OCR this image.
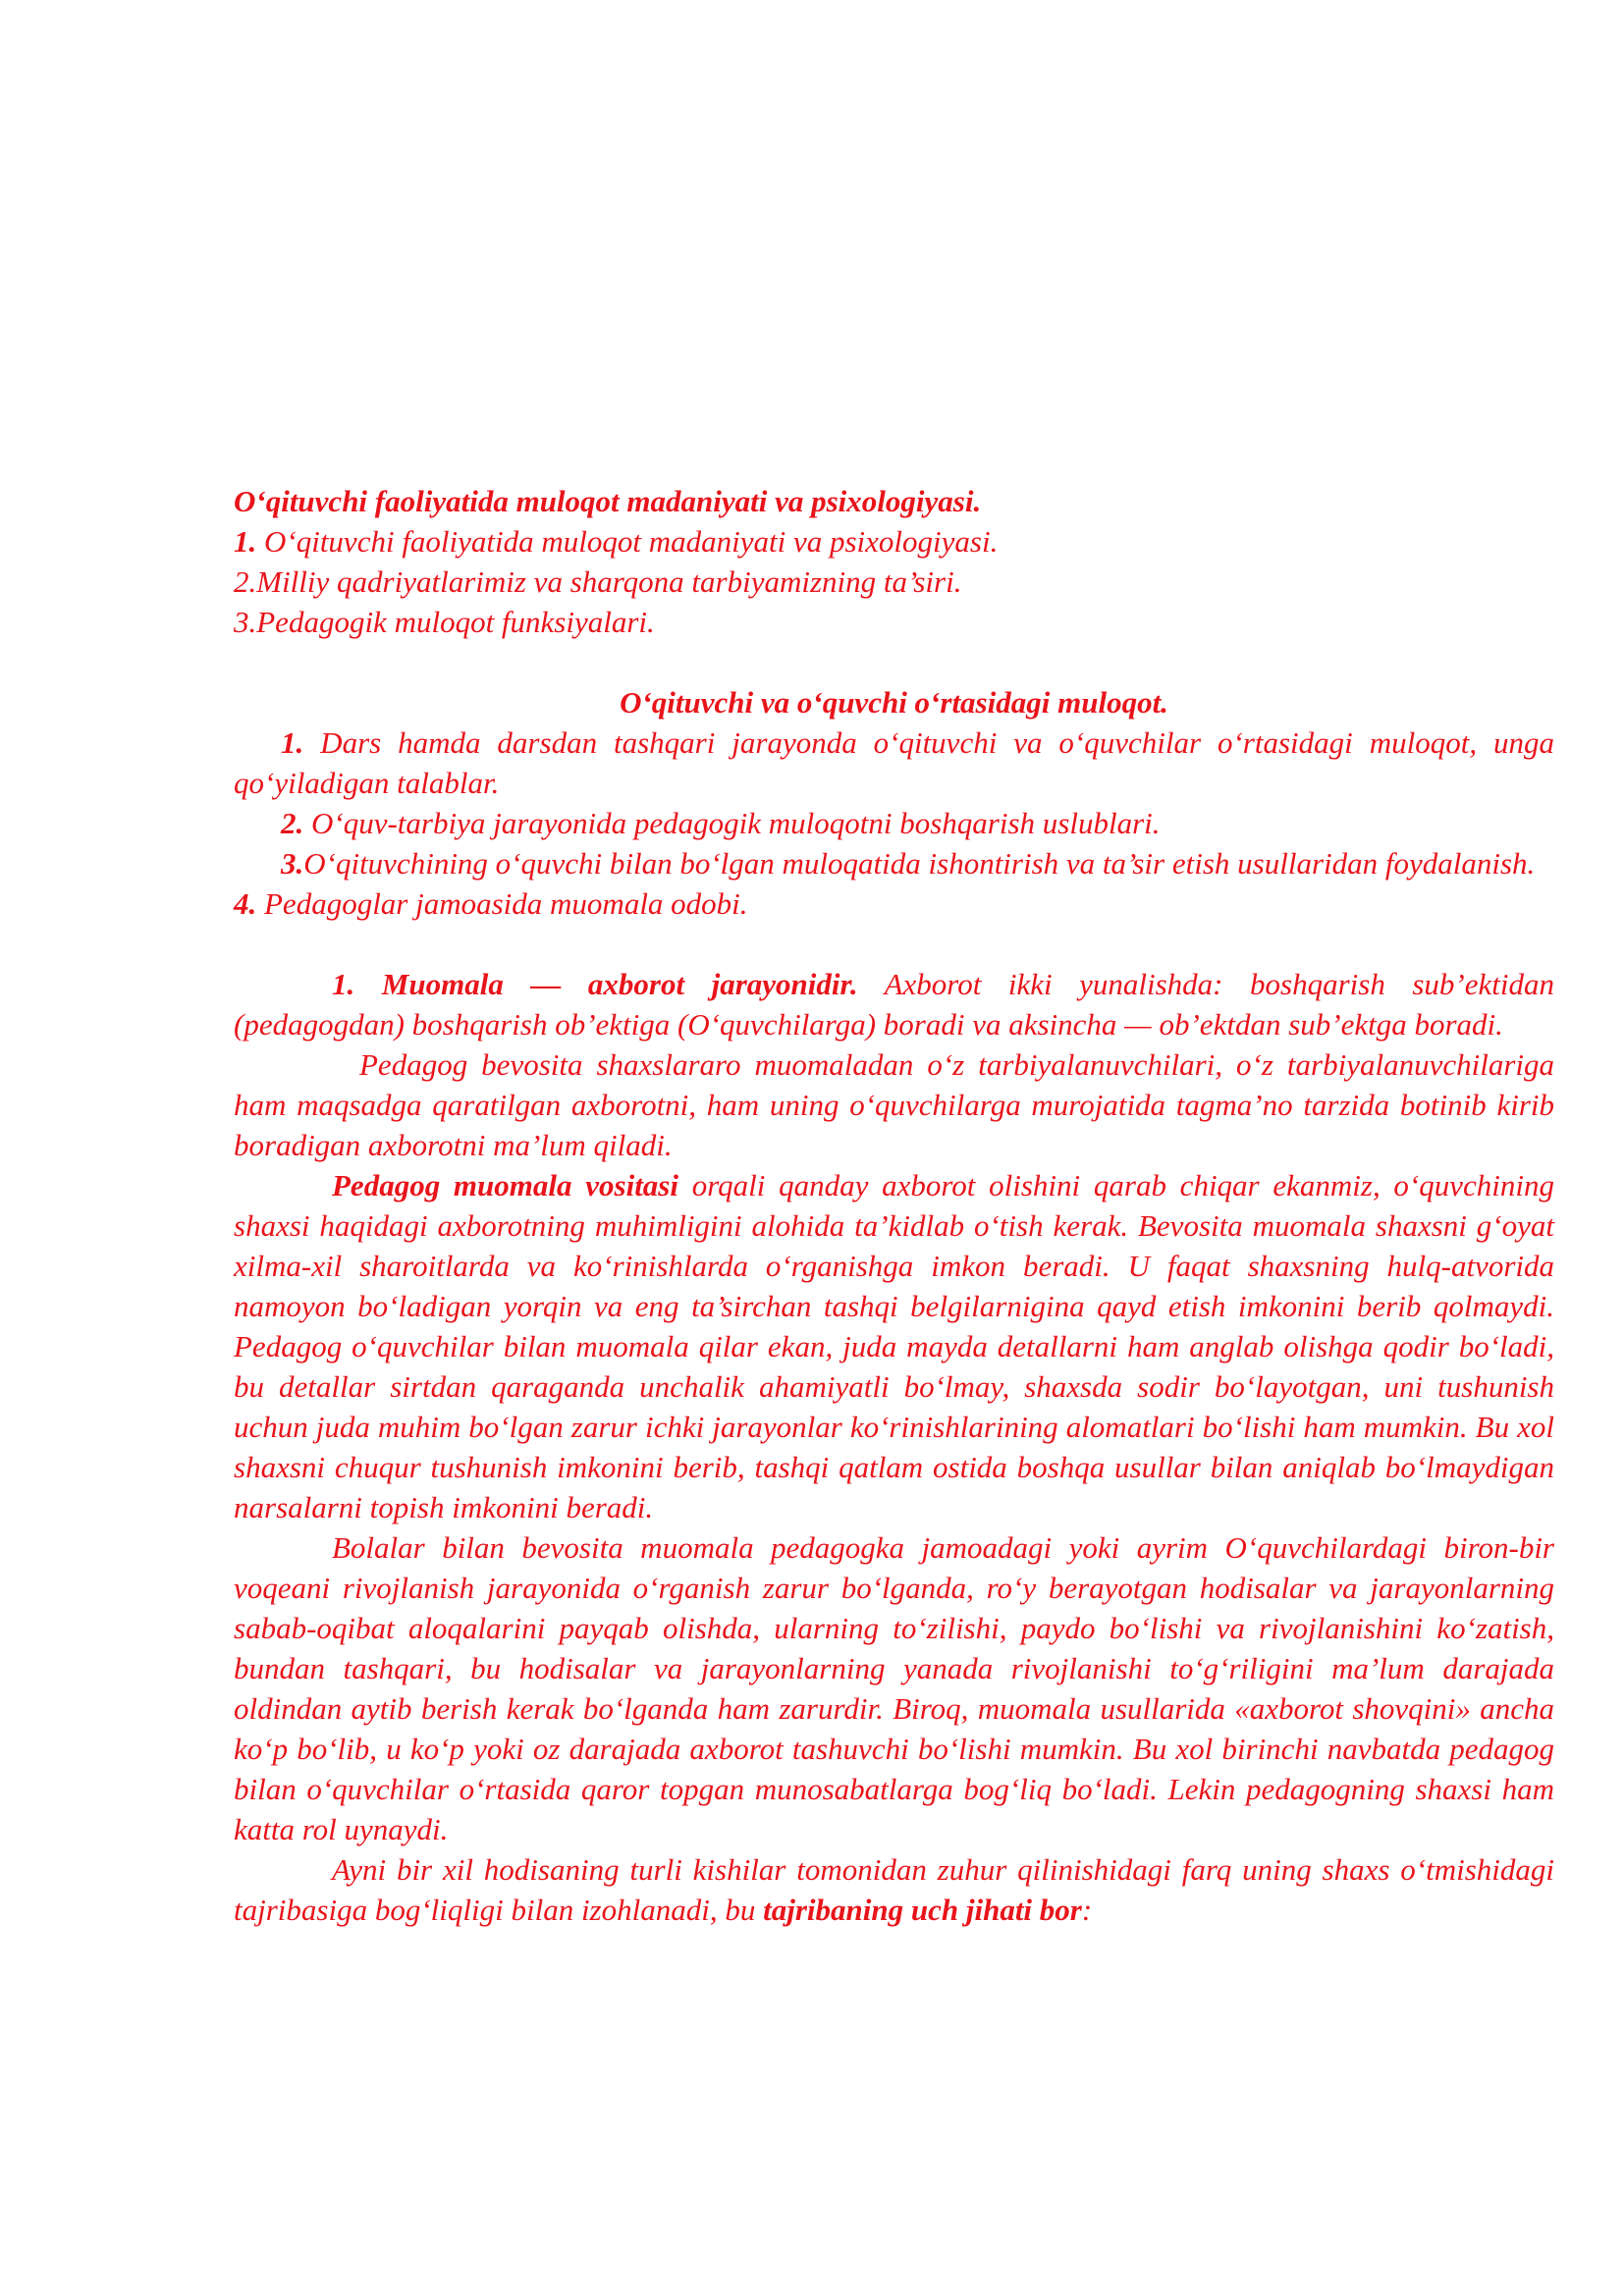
O‘qituvchi faoliyatida muloqot madaniyati va psixologiyasi.

1. O‘qituvchi faoliyatida muloqot madaniyati va psixologiyasi.

2.Milliy qadriyatlarimiz va sharqona tarbiyamizning ta’siri.

3.Pedagogik muloqot funksiyalari.

O‘qituvchi va o‘quvchi o‘rtasidagi muloqot.

1. Dars hamda darsdan tashqari jarayonda o‘qituvchi va o‘quvchilar o‘rtasidagi muloqot, unga qo‘yiladigan talablar.

2. O‘quv-tarbiya jarayonida pedagogik muloqotni boshqarish uslublari.

3.O‘qituvchining o‘quvchi bilan bo‘lgan muloqatida ishontirish va ta’sir etish usullaridan foydalanish.

4. Pedagoglar jamoasida muomala odobi.

1. Muomala — axborot jarayonidir. Axborot ikki yunalishda: boshqarish sub’ektidan (pedagogdan) boshqarish ob’ektiga (O‘quvchilarga) boradi va aksincha — ob’ektdan sub’ektga boradi.

Pedagog bevosita shaxslararo muomaladan o‘z tarbiyalanuvchilari, o‘z tarbiyalanuvchilariga ham maqsadga qaratilgan axborotni, ham uning o‘quvchilarga murojatida tagma’no tarzida botinib kirib boradigan axborotni ma’lum qiladi.

Pedagog muomala vositasi orqali qanday axborot olishini qarab chiqar ekanmiz, o‘quvchining shaxsi haqidagi axborotning muhimligini alohida ta’kidlab o‘tish kerak. Bevosita muomala shaxsni g‘oyat xilma-xil sharoitlarda va ko‘rinishlarda o‘rganishga imkon beradi. U faqat shaxsning hulq-atvorida namoyon bo‘ladigan yorqin va eng ta’sirchan tashqi belgilarnigina qayd etish imkonini berib qolmaydi. Pedagog o‘quvchilar bilan muomala qilar ekan, juda mayda detallarni ham anglab olishga qodir bo‘ladi, bu detallar sirtdan qaraganda unchalik ahamiyatli bo‘lmay, shaxsda sodir bo‘layotgan, uni tushunish uchun juda muhim bo‘lgan zarur ichki jarayonlar ko‘rinishlarining alomatlari bo‘lishi ham mumkin. Bu xol shaxsni chuqur tushunish imkonini berib, tashqi qatlam ostida boshqa usullar bilan aniqlab bo‘lmaydigan narsalarni topish imkonini beradi.

Bolalar bilan bevosita muomala pedagogka jamoadagi yoki ayrim O‘quvchilardagi biron-bir voqeani rivojlanish jarayonida o‘rganish zarur bo‘lganda, ro‘y berayotgan hodisalar va jarayonlarning sabab-oqibat aloqalarini payqab olishda, ularning to‘zilishi, paydo bo‘lishi va rivojlanishini ko‘zatish, bundan tashqari, bu hodisalar va jarayonlarning yanada rivojlanishi to‘g‘riligini ma’lum darajada oldindan aytib berish kerak bo‘lganda ham zarurdir. Biroq, muomala usullarida «axborot shovqini» ancha ko‘p bo‘lib, u ko‘p yoki oz darajada axborot tashuvchi bo‘lishi mumkin. Bu xol birinchi navbatda pedagog bilan o‘quvchilar o‘rtasida qaror topgan munosabatlarga bog‘liq bo‘ladi. Lekin pedagogning shaxsi ham katta rol uynaydi.

Ayni bir xil hodisaning turli kishilar tomonidan zuhur qilinishidagi farq uning shaxs o‘tmishidagi tajribasiga bog‘liqligi bilan izohlanadi, bu tajribaning uch jihati bor:
